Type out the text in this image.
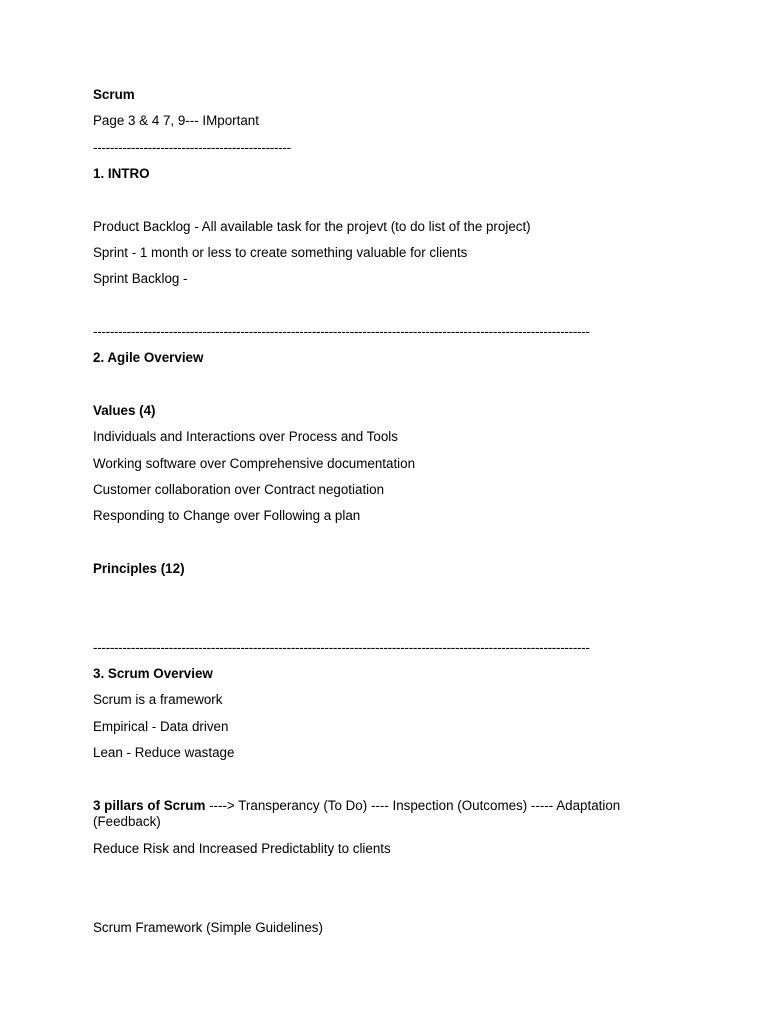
Scrum
Page 3 & 4 7, 9--- IMportant
-----------------------------------------------
1. INTRO
Product Backlog - All available task for the projevt (to do list of the project)
Sprint - 1 month or less to create something valuable for clients
Sprint Backlog -
----------------------------------------------------------------------------------------------------------------------
2. Agile Overview
Values (4)
Individuals and Interactions over Process and Tools
Working software over Comprehensive documentation
Customer collaboration over Contract negotiation
Responding to Change over Following a plan
Principles (12)
----------------------------------------------------------------------------------------------------------------------
3. Scrum Overview
Scrum is a framework
Empirical - Data driven
Lean - Reduce wastage
3 pillars of Scrum ----> Transperancy (To Do) ---- Inspection (Outcomes) ----- Adaptation (Feedback)
Reduce Risk and Increased Predictablity to clients
Scrum Framework (Simple Guidelines)
